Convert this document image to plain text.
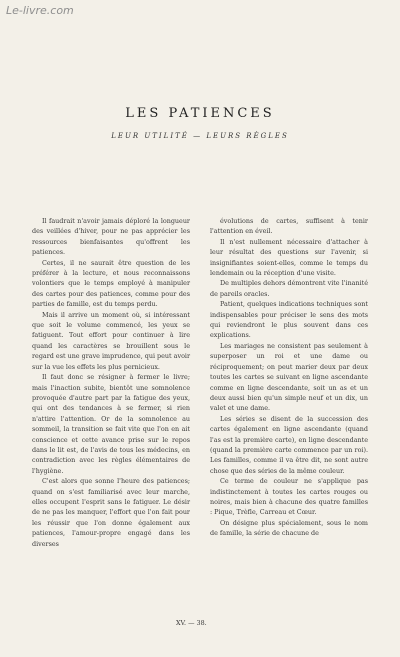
Le-livre.com
LES PATIENCES
LEUR UTILITÉ — LEURS RÈGLES

Il faudrait n'avoir jamais déploré la longueur des veillées d'hiver, pour ne pas apprécier les ressources bienfaisantes qu'offrent les patiences.

Certes, il ne saurait être question de les préférer à la lecture, et nous reconnaissons volontiers que le temps employé à manipuler des cartes pour des patiences, comme pour des parties de famille, est du temps perdu.

Mais il arrive un moment où, si intéressant que soit le volume commencé, les yeux se fatiguent. Tout effort pour continuer à lire quand les caractères se brouillent sous le regard est une grave imprudence, qui peut avoir sur la vue les effets les plus pernicieux.

Il faut donc se résigner à fermer le livre; mais l'inaction subite, bientôt une somnolence provoquée d'autre part par la fatigue des yeux, qui ont des tendances à se fermer, si rien n'attire l'attention. Or de la somnolence au sommeil, la transition se fait vite que l'on en ait conscience et cette avance prise sur le repos dans le lit est, de l'avis de tous les médecins, en contradiction avec les règles élémentaires de l'hygiène.

C'est alors que sonne l'heure des patiences; quand on s'est familiarisé avec leur marche, elles occupent l'esprit sans le fatiguer. Le désir de ne pas les manquer, l'effort que l'on fait pour les réussir que l'on donne également aux patiences, l'amour-propre engagé dans les diverses

évolutions de cartes, suffisent à tenir l'attention en éveil.

Il n'est nullement nécessaire d'attacher à leur résultat des questions sur l'avenir, si insignifiantes soient-elles, comme le temps du lendemain ou la réception d'une visite.

De multiples dehors démontrent vite l'inanité de pareils oracles.

Patient, quelques indications techniques sont indispensables pour préciser le sens des mots qui reviendront le plus souvent dans ces explications.

Les mariages ne consistent pas seulement à superposer un roi et une dame ou réciproquement; on peut marier deux par deux toutes les cartes se suivant en ligne ascendante comme en ligne descendante, soit un as et un deux aussi bien qu'un simple neuf et un dix, un valet et une dame.

Les séries se disent de la succession des cartes également en ligne ascendante (quand l'as est la première carte), en ligne descendante (quand la première carte commence par un roi). Les familles, comme il va être dit, ne sont autre chose que des séries de la même couleur.

Ce terme de couleur ne s'applique pas indistinctement à toutes les cartes rouges ou noires, mais bien à chacune des quatre familles : Pique, Trèfle, Carreau et Cœur.

On désigne plus spécialement, sous le nom de famille, la série de chacune de

XV. — 38.
